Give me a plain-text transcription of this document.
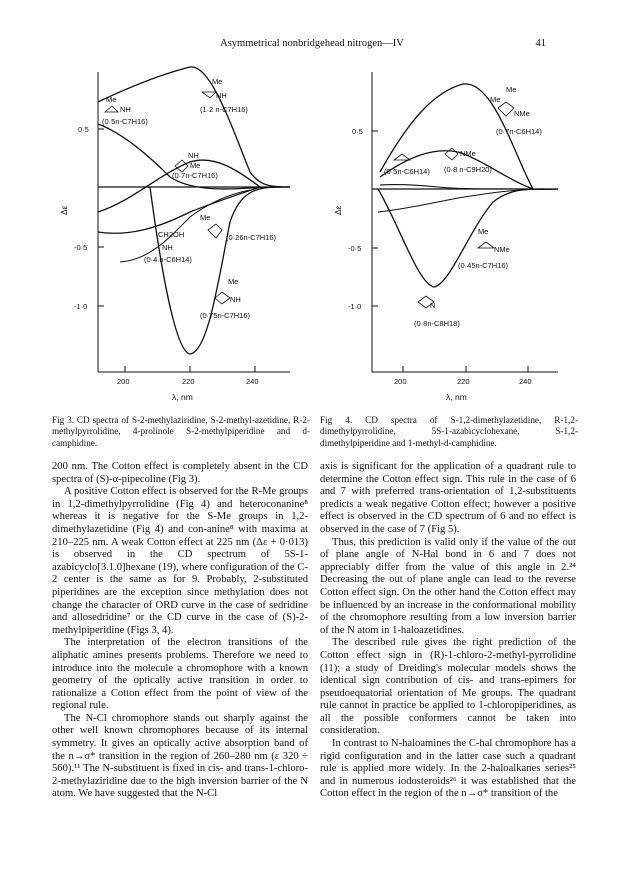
Asymmetrical nonbridgehead nitrogen—IV	41
0·5
-0·5
-1·0
Δε
200	220	240
λ, nm
Me
NH
(1·2 n-C7H16)
Me
NH
(0·5n-C7H16)
NH
Me
(0·7n-C7H16)
Me
CH2OH	(0·26n-C7H16)
NH
(0·4 n-C6H14)
Me
NH
(0·75n-C7H16)
0·5
-0·5
-1·0
Δε
200	220	240
λ, nm
Me
Me
NMe
(0·7n-C6H14)
NMe
(0·8 n-C9H20)
(0·5n-C6H14)
Me
NMe
(0·45n-C7H16)
N
(0·8n-C8H18)
Fig 3. CD spectra of S-2-methylaziridine, S-2-methyl-azetidine, R-2-methylpyrrolidine, 4-prolinole S-2-methylpiperidine and d-camphidine.
Fig 4. CD spectra of S-1,2-dimethylazetidine, R-1,2-dimethylpyrrolidine, 5S-1-azabicyclohexane, S-1,2-dimethylpiperidine and 1-methyl-d-camphidine.

200 nm. The Cotton effect is completely absent in the CD spectra of (S)-α-pipecoline (Fig 3).

A positive Cotton effect is observed for the R-Me groups in 1,2-dimethylpyrrolidine (Fig 4) and heteroconanine⁸ whereas it is negative for the S-Me groups in 1,2-dimethylazetidine (Fig 4) and con-anine⁸ with maxima at 210–225 nm. A weak Cotton effect at 225 nm (Δε + 0·013) is observed in the CD spectrum of 5S-1-azabicyclo[3.1.0]hexane (19), where configuration of the C-2 center is the same as for 9. Probably, 2-substituted piperidines are the exception since methylation does not change the character of ORD curve in the case of sedridine and allosedridine⁷ or the CD curve in the case of (S)-2-methylpiperidine (Figs 3, 4).

The interpretation of the electron transitions of the aliphatic amines presents problems. Therefore we need to introduce into the molecule a chromophore with a known geometry of the optically active transition in order to rationalize a Cotton effect from the point of view of the regional rule.

The N-Cl chromophore stands out sharply against the other well known chromophores because of its internal symmetry. It gives an optically active absorption band of the n→σ* transition in the region of 260–280 nm (ε 320 ÷ 560).¹¹ The N-substituent is fixed in cis- and trans-1-chloro-2-methylaziridine due to the high inversion barrier of the N atom. We have suggested that the N-Cl

axis is significant for the application of a quadrant rule to determine the Cotton effect sign. This rule in the case of 6 and 7 with preferred trans-orientation of 1,2-substituents predicts a weak negative Cotton effect; however a positive effect is observed in the CD spectrum of 6 and no effect is observed in the case of 7 (Fig 5).

Thus, this prediction is valid only if the value of the out of plane angle of N-Hal bond in 6 and 7 does not appreciably differ from the value of this angle in 2.²⁴ Decreasing the out of plane angle can lead to the reverse Cotton effect sign. On the other hand the Cotton effect may be influenced by an increase in the conformational mobility of the chromophore resulting from a low inversion barrier of the N atom in 1-haloazetidines.

The described rule gives the right prediction of the Cotton effect sign in (R)-1-chloro-2-methyl-pyrrolidine (11); a study of Dreiding's molecular models shows the identical sign contribution of cis- and trans-epimers for pseudoequatorial orientation of Me groups. The quadrant rule cannot in practice be applied to 1-chloropiperidines, as all the possible conformers cannot be taken into consideration.

In contrast to N-haloamines the C-hal chromophore has a rigid configuration and in the latter case such a quadrant rule is applied more widely. In the 2-haloalkanes series²⁵ and in numerous iodosteroids²⁶ it was established that the Cotton effect in the region of the n→σ* transition of the
